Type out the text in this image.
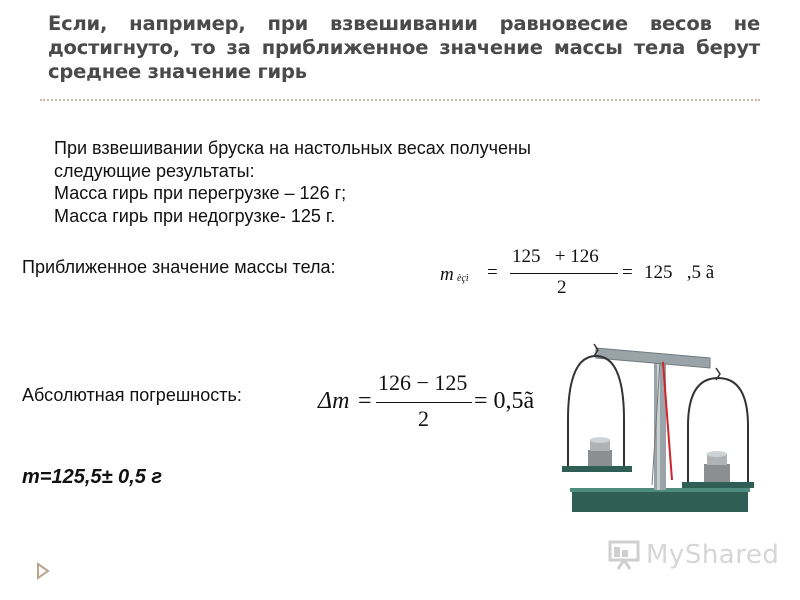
Если, например, при взвешивании равновесие весов не достигнуто, то за приближенное значение массы тела берут среднее значение гирь
При взвешивании бруска на настольных весах получены
следующие результаты:
Масса гирь при перегрузке – 126 г;
Масса гирь при недогрузке- 125 г.
Приближенное значение массы тела:	m èçì =
125   + 126
2
= 125   ,5 ã
Абсолютная погрешность:	Δm =
126 − 125
2
= 0,5ã
m=125,5± 0,5 г
MyShared
